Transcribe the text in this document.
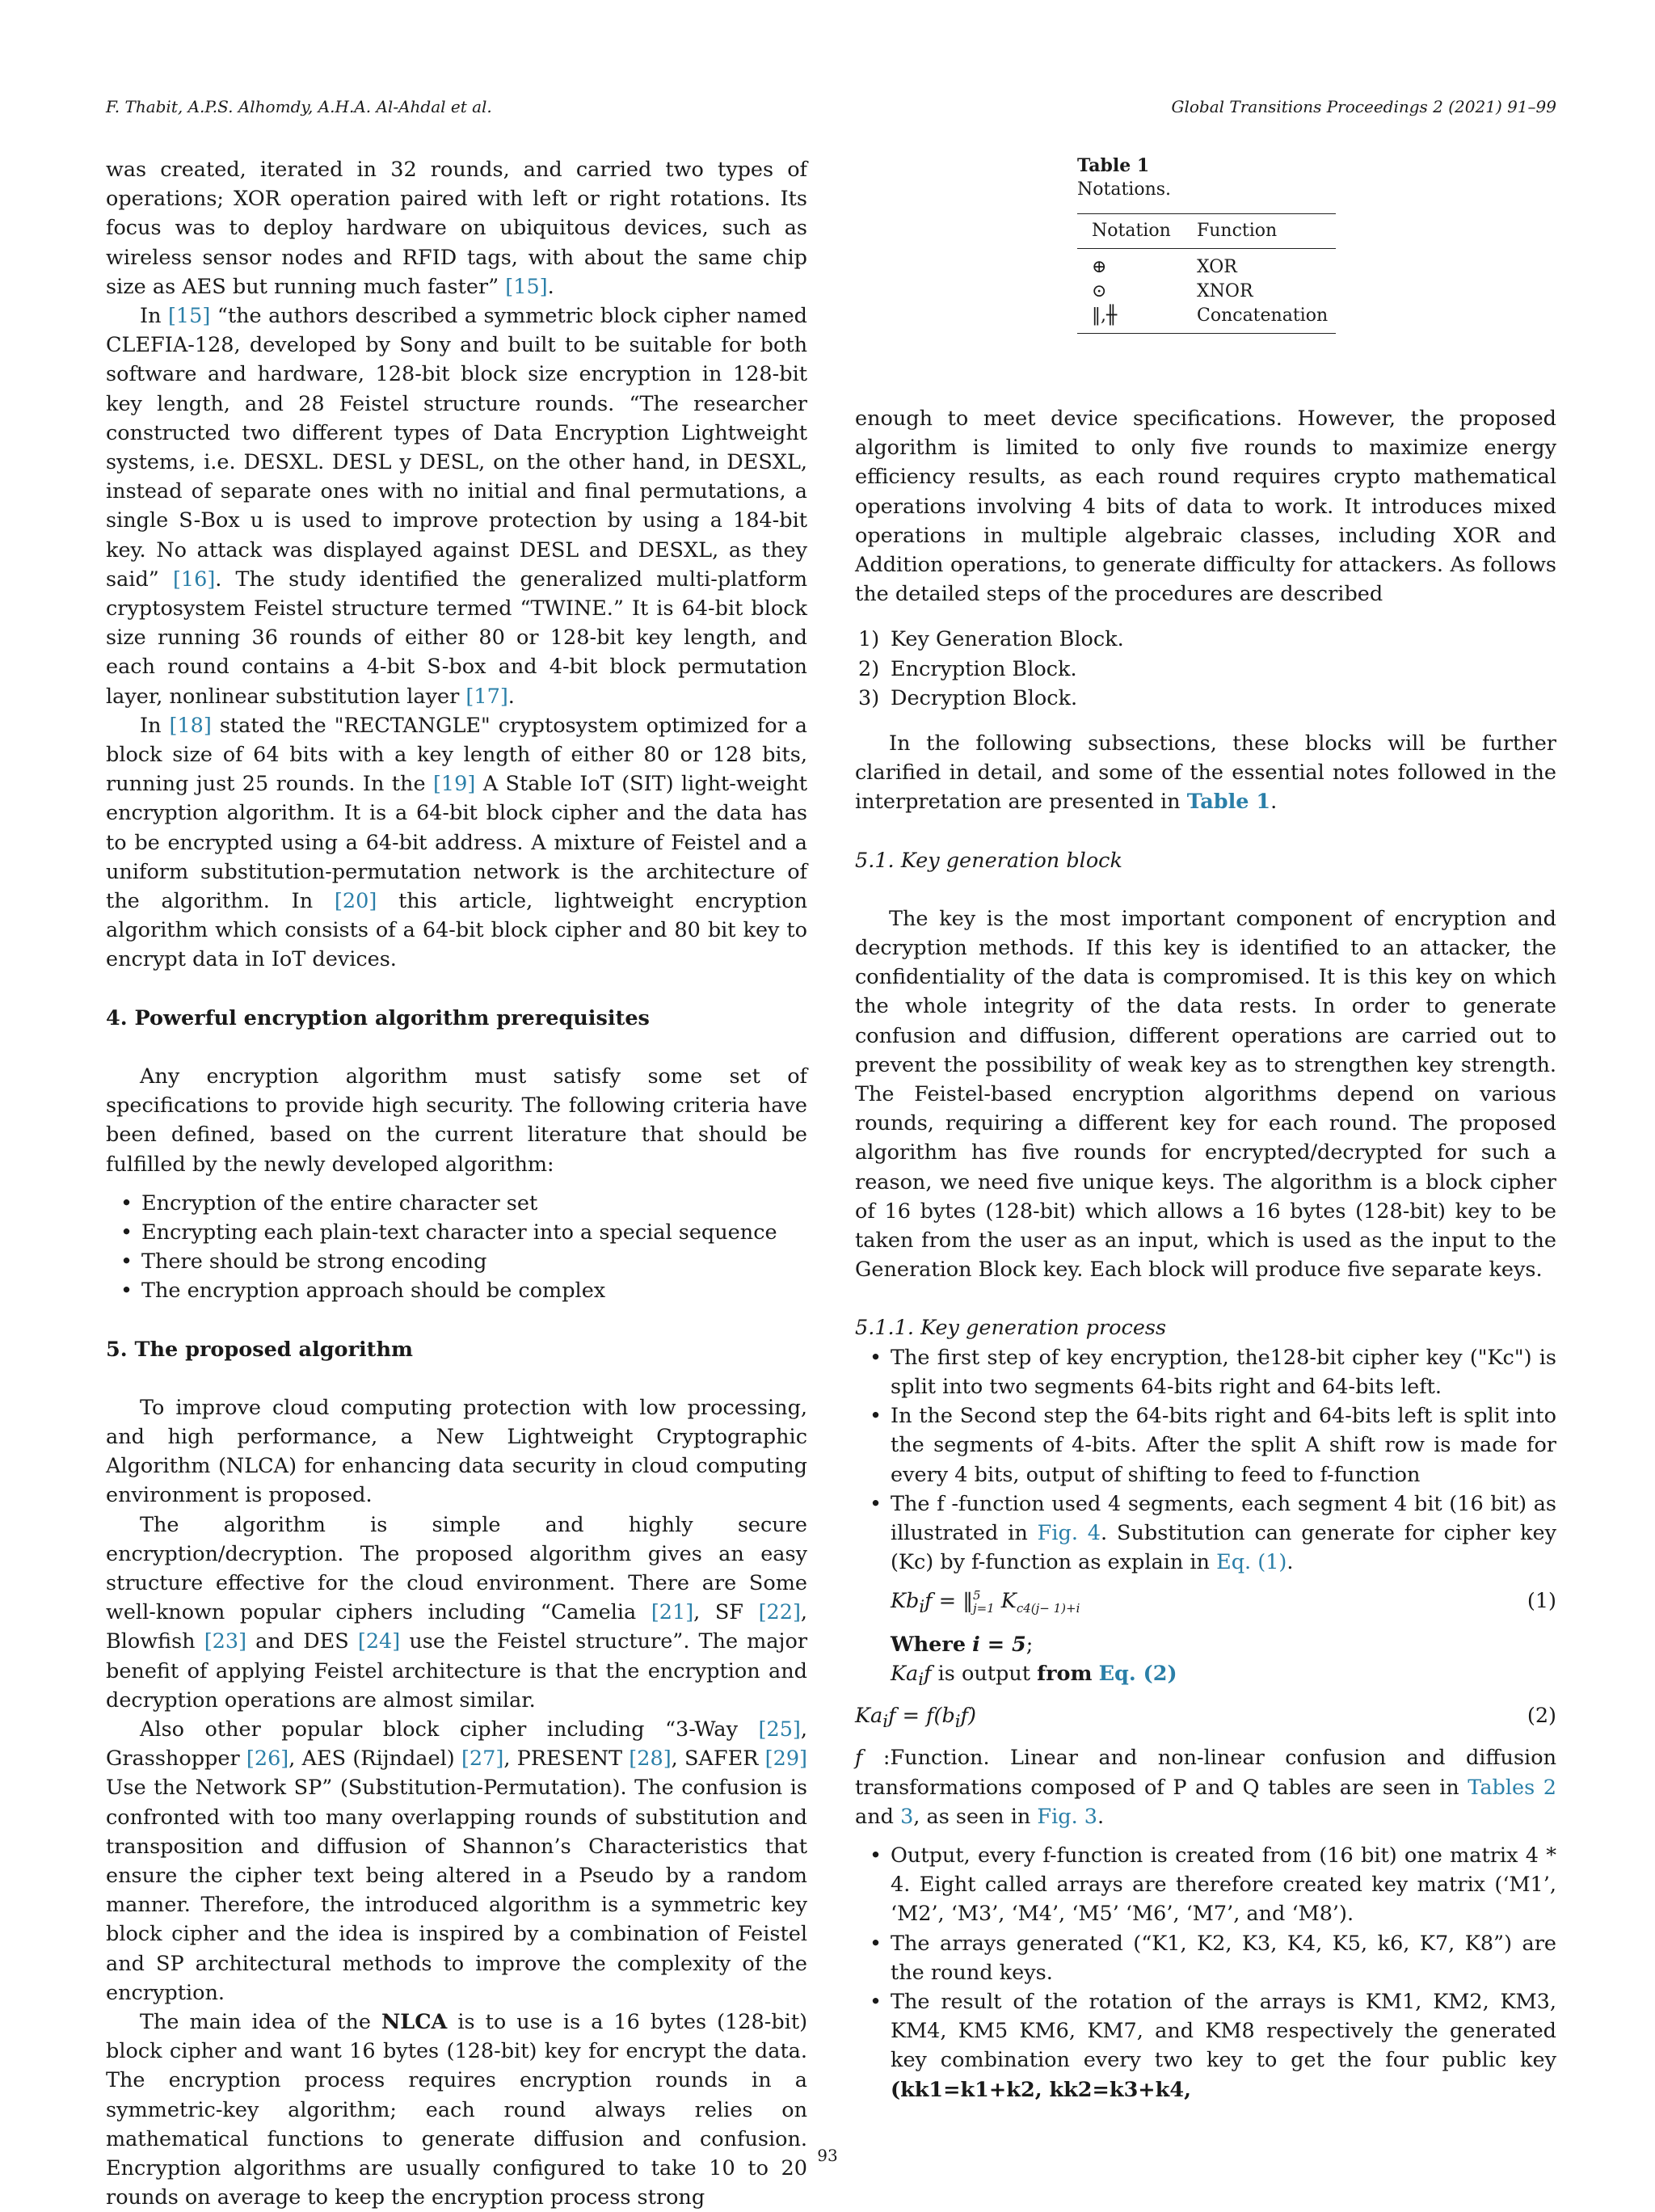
F. Thabit, A.P.S. Alhomdy, A.H.A. Al-Ahdal et al.	Global Transitions Proceedings 2 (2021) 91–99

was created, iterated in 32 rounds, and carried two types of operations; XOR operation paired with left or right rotations. Its focus was to deploy hardware on ubiquitous devices, such as wireless sensor nodes and RFID tags, with about the same chip size as AES but running much faster” [15].

In [15] “the authors described a symmetric block cipher named CLEFIA-128, developed by Sony and built to be suitable for both software and hardware, 128-bit block size encryption in 128-bit key length, and 28 Feistel structure rounds. “The researcher constructed two different types of Data Encryption Lightweight systems, i.e. DESXL. DESL y DESL, on the other hand, in DESXL, instead of separate ones with no initial and final permutations, a single S-Box u is used to improve protection by using a 184-bit key. No attack was displayed against DESL and DESXL, as they said” [16]. The study identified the generalized multi-platform cryptosystem Feistel structure termed “TWINE.” It is 64-bit block size running 36 rounds of either 80 or 128-bit key length, and each round contains a 4-bit S-box and 4-bit block permutation layer, nonlinear substitution layer [17].

In [18] stated the "RECTANGLE" cryptosystem optimized for a block size of 64 bits with a key length of either 80 or 128 bits, running just 25 rounds. In the [19] A Stable IoT (SIT) light-weight encryption algorithm. It is a 64-bit block cipher and the data has to be encrypted using a 64-bit address. A mixture of Feistel and a uniform substitution-permutation network is the architecture of the algorithm. In [20] this article, lightweight encryption algorithm which consists of a 64-bit block cipher and 80 bit key to encrypt data in IoT devices.

4. Powerful encryption algorithm prerequisites

Any encryption algorithm must satisfy some set of specifications to provide high security. The following criteria have been defined, based on the current literature that should be fulfilled by the newly developed algorithm:

• Encryption of the entire character set
• Encrypting each plain-text character into a special sequence
• There should be strong encoding
• The encryption approach should be complex
5. The proposed algorithm

To improve cloud computing protection with low processing, and high performance, a New Lightweight Cryptographic Algorithm (NLCA) for enhancing data security in cloud computing environment is proposed.

The algorithm is simple and highly secure encryption/decryption. The proposed algorithm gives an easy structure effective for the cloud environment. There are Some well-known popular ciphers including “Camelia [21], SF [22], Blowfish [23] and DES [24] use the Feistel structure”. The major benefit of applying Feistel architecture is that the encryption and decryption operations are almost similar.

Also other popular block cipher including “3-Way [25], Grasshopper [26], AES (Rijndael) [27], PRESENT [28], SAFER [29] Use the Network SP” (Substitution-Permutation). The confusion is confronted with too many overlapping rounds of substitution and transposition and diffusion of Shannon’s Characteristics that ensure the cipher text being altered in a Pseudo by a random manner. Therefore, the introduced algorithm is a symmetric key block cipher and the idea is inspired by a combination of Feistel and SP architectural methods to improve the complexity of the encryption.

The main idea of the NLCA is to use is a 16 bytes (128-bit) block cipher and want 16 bytes (128-bit) key for encrypt the data. The encryption process requires encryption rounds in a symmetric-key algorithm; each round always relies on mathematical functions to generate diffusion and confusion. Encryption algorithms are usually configured to take 10 to 20 rounds on average to keep the encryption process strong

Table 1
Notations.
Notation	Function
⊕	XOR
⊙	XNOR
‖,╫	Concatenation

enough to meet device specifications. However, the proposed algorithm is limited to only five rounds to maximize energy efficiency results, as each round requires crypto mathematical operations involving 4 bits of data to work. It introduces mixed operations in multiple algebraic classes, including XOR and Addition operations, to generate difficulty for attackers. As follows the detailed steps of the procedures are described

1) Key Generation Block.
2) Encryption Block.
3) Decryption Block.

In the following subsections, these blocks will be further clarified in detail, and some of the essential notes followed in the interpretation are presented in Table 1.

5.1. Key generation block

The key is the most important component of encryption and decryption methods. If this key is identified to an attacker, the confidentiality of the data is compromised. It is this key on which the whole integrity of the data rests. In order to generate confusion and diffusion, different operations are carried out to prevent the possibility of weak key as to strengthen key strength. The Feistel-based encryption algorithms depend on various rounds, requiring a different key for each round. The proposed algorithm has five rounds for encrypted/decrypted for such a reason, we need five unique keys. The algorithm is a block cipher of 16 bytes (128-bit) which allows a 16 bytes (128-bit) key to be taken from the user as an input, which is used as the input to the Generation Block key. Each block will produce five separate keys.

5.1.1. Key generation process
• The first step of key encryption, the128-bit cipher key ("Kc") is split into two segments 64-bits right and 64-bits left.
• In the Second step the 64-bits right and 64-bits left is split into the segments of 4-bits. After the split A shift row is made for every 4 bits, output of shifting to feed to f-function
• The f -function used 4 segments, each segment 4 bit (16 bit) as illustrated in Fig. 4. Substitution can generate for cipher key (Kc) by f-function as explain in Eq. (1).
$Kb_if$ = ‖ 5
j=1 $K_{c4(j- 1)+i}$	(1)
Where i = 5;
$Ka_if$ is output from Eq. (2)
$Ka_if = f(b_if)$	(2)

f :Function. Linear and non-linear confusion and diffusion transformations composed of P and Q tables are seen in Tables 2 and 3, as seen in Fig. 3.

• Output, every f-function is created from (16 bit) one matrix 4 * 4. Eight called arrays are therefore created key matrix (‘M1’, ‘M2’, ‘M3’, ‘M4’, ‘M5’ ‘M6’, ‘M7’, and ‘M8’).
• The arrays generated (“K1, K2, K3, K4, K5, k6, K7, K8”) are the round keys.
• The result of the rotation of the arrays is KM1, KM2, KM3, KM4, KM5 KM6, KM7, and KM8 respectively the generated key combination every two key to get the four public key (kk1=k1+k2, kk2=k3+k4,
93
